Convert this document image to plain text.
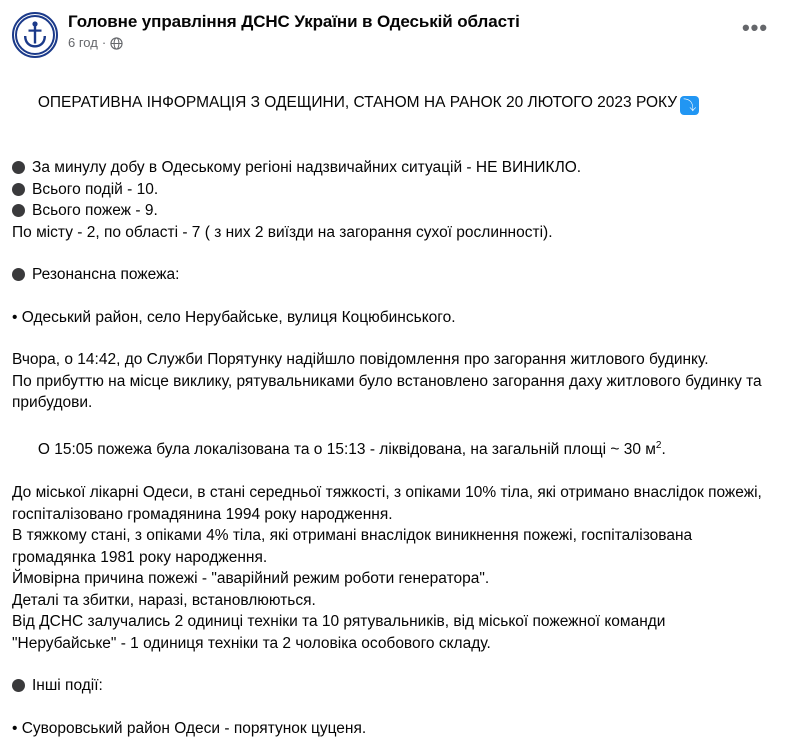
Головне управління ДСНС України в Одеській області
6 год ·
•••

ОПЕРАТИВНА ІНФОРМАЦІЯ З ОДЕЩИНИ, СТАНОМ НА РАНОК 20 ЛЮТОГО 2023 РОКУ ⤵

За минулу добу в Одеському регіоні надзвичайних ситуацій - НЕ ВИНИКЛО.
Всього подій - 10.
Всього пожеж - 9.
По місту - 2, по області - 7 ( з них 2 виїзди на загорання сухої рослинності).
Резонансна пожежа:
• Одеський район, село Нерубайське, вулиця Коцюбинського.
Вчора, о 14:42, до Служби Порятунку надійшло повідомлення про загорання житлового будинку.
По прибуттю на місце виклику, рятувальниками було встановлено загорання даху житлового будинку та прибудови.

О 15:05 пожежа була локалізована та о 15:13 - ліквідована, на загальній площі ~ 30 $м^2$.

До міської лікарні Одеси, в стані середньої тяжкості, з опіками 10% тіла, які отримано внаслідок пожежі, госпіталізовано громадянина 1994 року народження.
В тяжкому стані, з опіками 4% тіла, які отримані внаслідок виникнення пожежі, госпіталізована громадянка 1981 року народження.
Ймовірна причина пожежі - "аварійний режим роботи генератора".
Деталі та збитки, наразі, встановлюються.
Від ДСНС залучались 2 одиниці техніки та 10 рятувальників, від міської пожежної команди "Нерубайське" - 1 одиниця техніки та 2 чоловіка особового складу.
Інші події:
• Суворовський район Одеси - порятунок цуценя.
